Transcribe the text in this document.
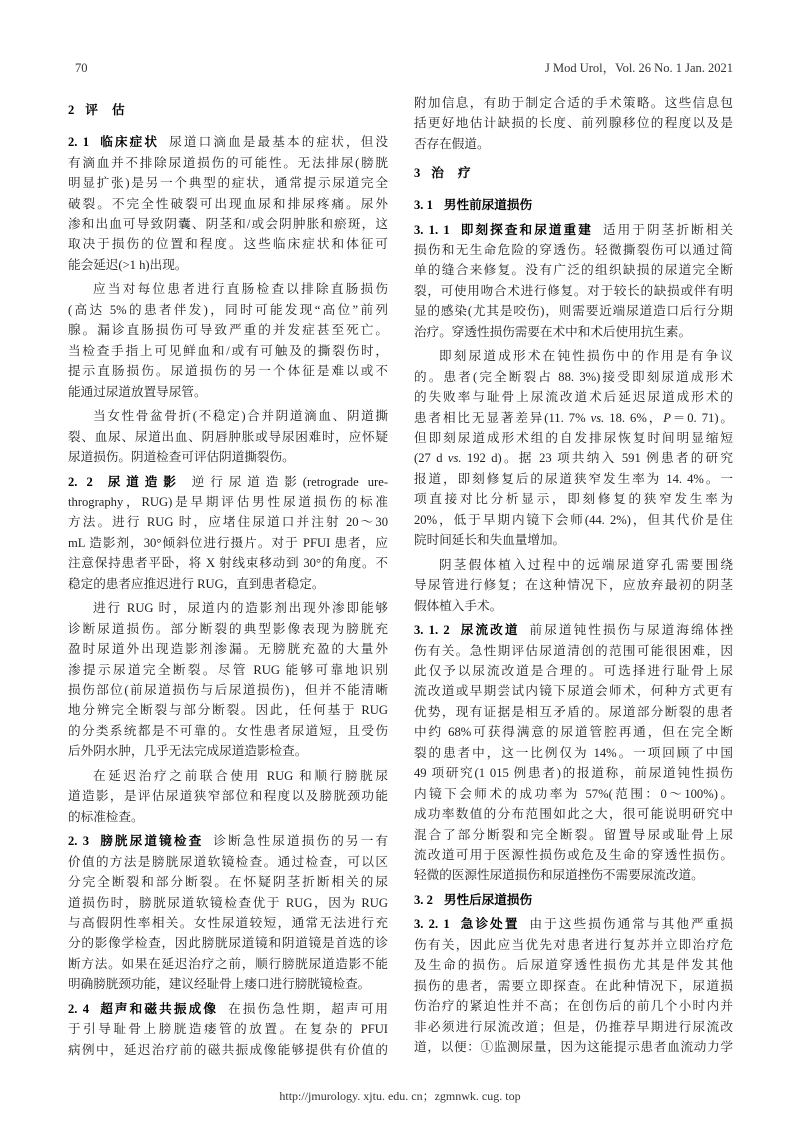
70	J Mod Urol，Vol. 26 No. 1 Jan. 2021
2 评 估
2. 1 临床症状 尿道口滴血是最基本的症状，但没
有滴血并不排除尿道损伤的可能性。无法排尿(膀胱
明显扩张)是另一个典型的症状，通常提示尿道完全
破裂。不完全性破裂可出现血尿和排尿疼痛。尿外
渗和出血可导致阴囊、阴茎和/或会阴肿胀和瘀斑，这
取决于损伤的位置和程度。这些临床症状和体征可
能会延迟(>1 h)出现。
应当对每位患者进行直肠检查以排除直肠损伤
(高达 5%的患者伴发)，同时可能发现“高位”前列
腺。漏诊直肠损伤可导致严重的并发症甚至死亡。
当检查手指上可见鲜血和/或有可触及的撕裂伤时，
提示直肠损伤。尿道损伤的另一个体征是难以或不
能通过尿道放置导尿管。
当女性骨盆骨折(不稳定)合并阴道滴血、阴道撕
裂、血尿、尿道出血、阴唇肿胀或导尿困难时，应怀疑
尿道损伤。阴道检查可评估阴道撕裂伤。
2. 2 尿道造影 逆行尿道造影(retrograde ure-
thrography，RUG)是早期评估男性尿道损伤的标准
方法。进行 RUG 时，应堵住尿道口并注射 20～30
mL 造影剂，30°倾斜位进行摄片。对于 PFUI 患者，应
注意保持患者平卧，将 X 射线束移动到 30°的角度。不
稳定的患者应推迟进行 RUG，直到患者稳定。
进行 RUG 时，尿道内的造影剂出现外渗即能够
诊断尿道损伤。部分断裂的典型影像表现为膀胱充
盈时尿道外出现造影剂渗漏。无膀胱充盈的大量外
渗提示尿道完全断裂。尽管 RUG 能够可靠地识别
损伤部位(前尿道损伤与后尿道损伤)，但并不能清晰
地分辨完全断裂与部分断裂。因此，任何基于 RUG
的分类系统都是不可靠的。女性患者尿道短，且受伤
后外阴水肿，几乎无法完成尿道造影检查。
在延迟治疗之前联合使用 RUG 和顺行膀胱尿
道造影，是评估尿道狭窄部位和程度以及膀胱颈功能
的标准检查。
2. 3 膀胱尿道镜检查 诊断急性尿道损伤的另一有
价值的方法是膀胱尿道软镜检查。通过检查，可以区
分完全断裂和部分断裂。在怀疑阴茎折断相关的尿
道损伤时，膀胱尿道软镜检查优于 RUG，因为 RUG
与高假阴性率相关。女性尿道较短，通常无法进行充
分的影像学检查，因此膀胱尿道镜和阴道镜是首选的诊
断方法。如果在延迟治疗之前，顺行膀胱尿道造影不能
明确膀胱颈功能，建议经耻骨上瘘口进行膀胱镜检查。
2. 4 超声和磁共振成像 在损伤急性期，超声可用
于引导耻骨上膀胱造瘘管的放置。在复杂的 PFUI
病例中，延迟治疗前的磁共振成像能够提供有价值的
附加信息，有助于制定合适的手术策略。这些信息包
括更好地估计缺损的长度、前列腺移位的程度以及是
否存在假道。
3 治 疗
3. 1 男性前尿道损伤
3. 1. 1 即刻探查和尿道重建 适用于阴茎折断相关
损伤和无生命危险的穿透伤。轻微撕裂伤可以通过简
单的缝合来修复。没有广泛的组织缺损的尿道完全断
裂，可使用吻合术进行修复。对于较长的缺损或伴有明
显的感染(尤其是咬伤)，则需要近端尿道造口后行分期
治疗。穿透性损伤需要在术中和术后使用抗生素。
即刻尿道成形术在钝性损伤中的作用是有争议
的。患者(完全断裂占 88. 3%)接受即刻尿道成形术
的失败率与耻骨上尿流改道术后延迟尿道成形术的
患者相比无显著差异(11. 7% vs. 18. 6%，P＝0. 71)。
但即刻尿道成形术组的自发排尿恢复时间明显缩短
(27 d vs. 192 d)。据 23 项共纳入 591 例患者的研究
报道，即刻修复后的尿道狭窄发生率为 14. 4%。一
项直接对比分析显示，即刻修复的狭窄发生率为
20%，低于早期内镜下会师(44. 2%)，但其代价是住
院时间延长和失血量增加。
阴茎假体植入过程中的远端尿道穿孔需要围绕
导尿管进行修复；在这种情况下，应放弃最初的阴茎
假体植入手术。
3. 1. 2 尿流改道 前尿道钝性损伤与尿道海绵体挫
伤有关。急性期评估尿道清创的范围可能很困难，因
此仅予以尿流改道是合理的。可选择进行耻骨上尿
流改道或早期尝试内镜下尿道会师术，何种方式更有
优势，现有证据是相互矛盾的。尿道部分断裂的患者
中约 68%可获得满意的尿道管腔再通，但在完全断
裂的患者中，这一比例仅为 14%。一项回顾了中国
49 项研究(1 015 例患者)的报道称，前尿道钝性损伤
内镜下会师术的成功率为 57%(范围：0～100%)。
成功率数值的分布范围如此之大，很可能说明研究中
混合了部分断裂和完全断裂。留置导尿或耻骨上尿
流改道可用于医源性损伤或危及生命的穿透性损伤。
轻微的医源性尿道损伤和尿道挫伤不需要尿流改道。
3. 2 男性后尿道损伤
3. 2. 1 急诊处置 由于这些损伤通常与其他严重损
伤有关，因此应当优先对患者进行复苏并立即治疗危
及生命的损伤。后尿道穿透性损伤尤其是伴发其他
损伤的患者，需要立即探查。在此种情况下，尿道损
伤治疗的紧迫性并不高；在创伤后的前几个小时内并
非必须进行尿流改道；但是，仍推荐早期进行尿流改
道，以便：①监测尿量，因为这能提示患者血流动力学
http://jmurology. xjtu. edu. cn；zgmnwk. cug. top
